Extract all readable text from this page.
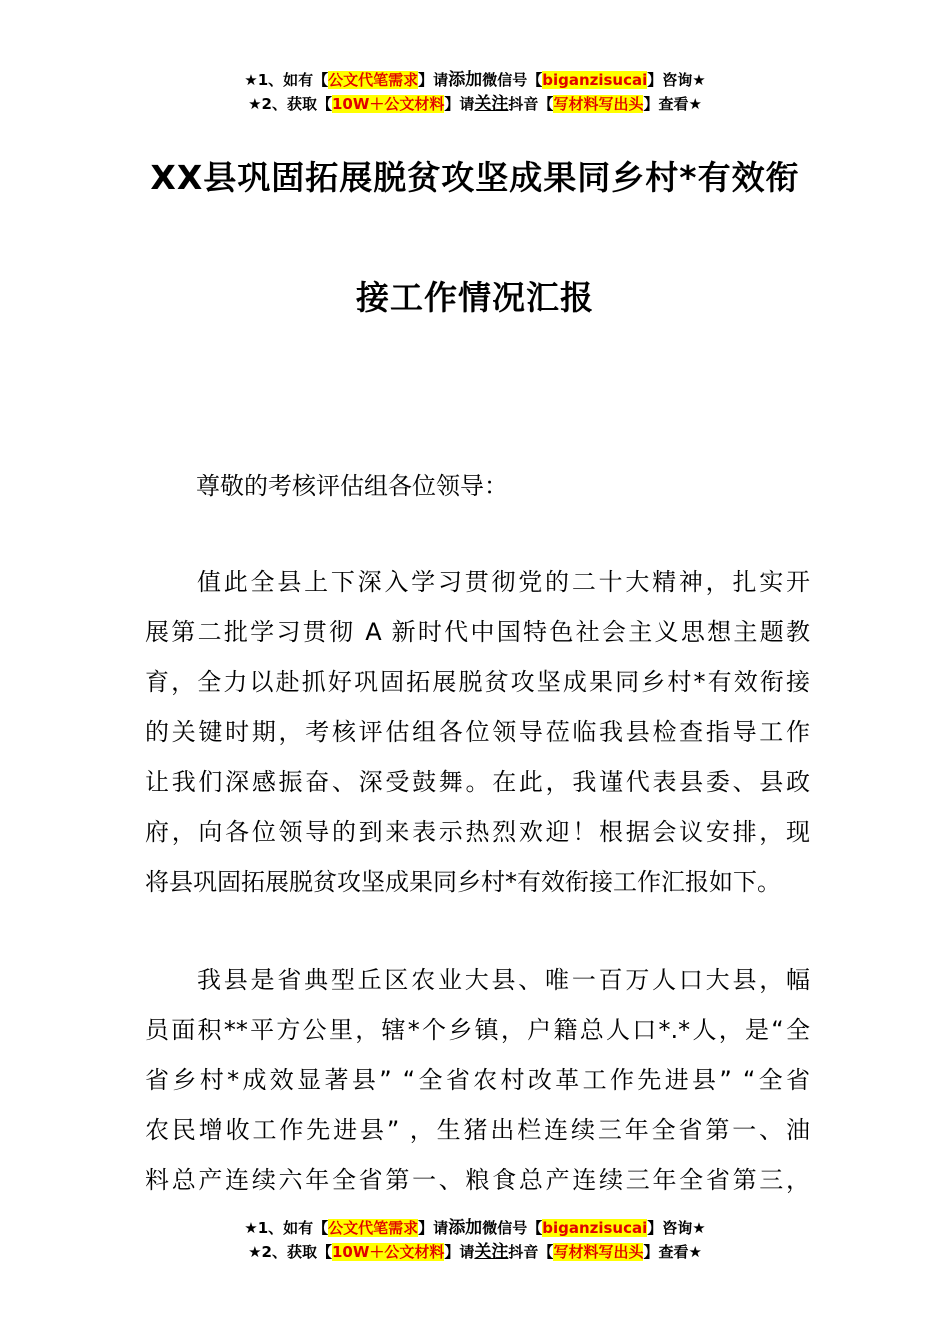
★1、如有【公文代笔需求】请添加微信号【biganzisucai】咨询★
★2、获取【10W＋公文材料】请关注抖音【写材料写出头】查看★
XX县巩固拓展脱贫攻坚成果同乡村*有效衔
接工作情况汇报
尊敬的考核评估组各位领导：
值此全县上下深入学习贯彻党的二十大精神，扎实开
展第二批学习贯彻 A 新时代中国特色社会主义思想主题教
育，全力以赴抓好巩固拓展脱贫攻坚成果同乡村*有效衔接
的关键时期，考核评估组各位领导莅临我县检查指导工作
让我们深感振奋、深受鼓舞。在此，我谨代表县委、县政
府，向各位领导的到来表示热烈欢迎！根据会议安排，现
将县巩固拓展脱贫攻坚成果同乡村*有效衔接工作汇报如下。
我县是省典型丘区农业大县、唯一百万人口大县，幅
员面积**平方公里，辖*个乡镇，户籍总人口*.*人，是“全
省乡村*成效显著县” “全省农村改革工作先进县” “全省
农民增收工作先进县” ，生猪出栏连续三年全省第一、油
料总产连续六年全省第一、粮食总产连续三年全省第三，
★1、如有【公文代笔需求】请添加微信号【biganzisucai】咨询★
★2、获取【10W＋公文材料】请关注抖音【写材料写出头】查看★
